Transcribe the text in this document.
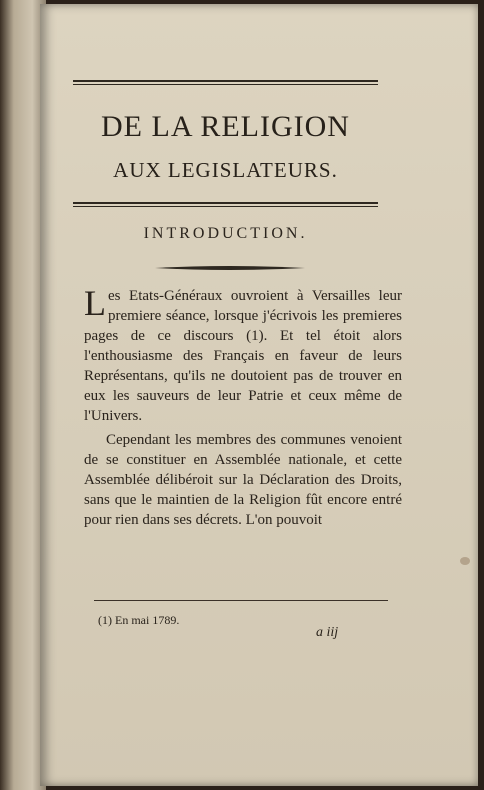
DE LA RELIGION
AUX LEGISLATEURS.
INTRODUCTION.

Les Etats-Généraux ouvroient à Versailles leur premiere séance, lorsque j'écrivois les premieres pages de ce discours (1). Et tel étoit alors l'enthousiasme des Français en faveur de leurs Représentans, qu'ils ne doutoient pas de trouver en eux les sauveurs de leur Patrie et ceux même de l'Univers.

Cependant les membres des communes venoient de se constituer en Assemblée nationale, et cette Assemblée délibéroit sur la Déclaration des Droits, sans que le maintien de la Religion fût encore entré pour rien dans ses décrets. L'on pouvoit

(1) En mai 1789.
a iij
